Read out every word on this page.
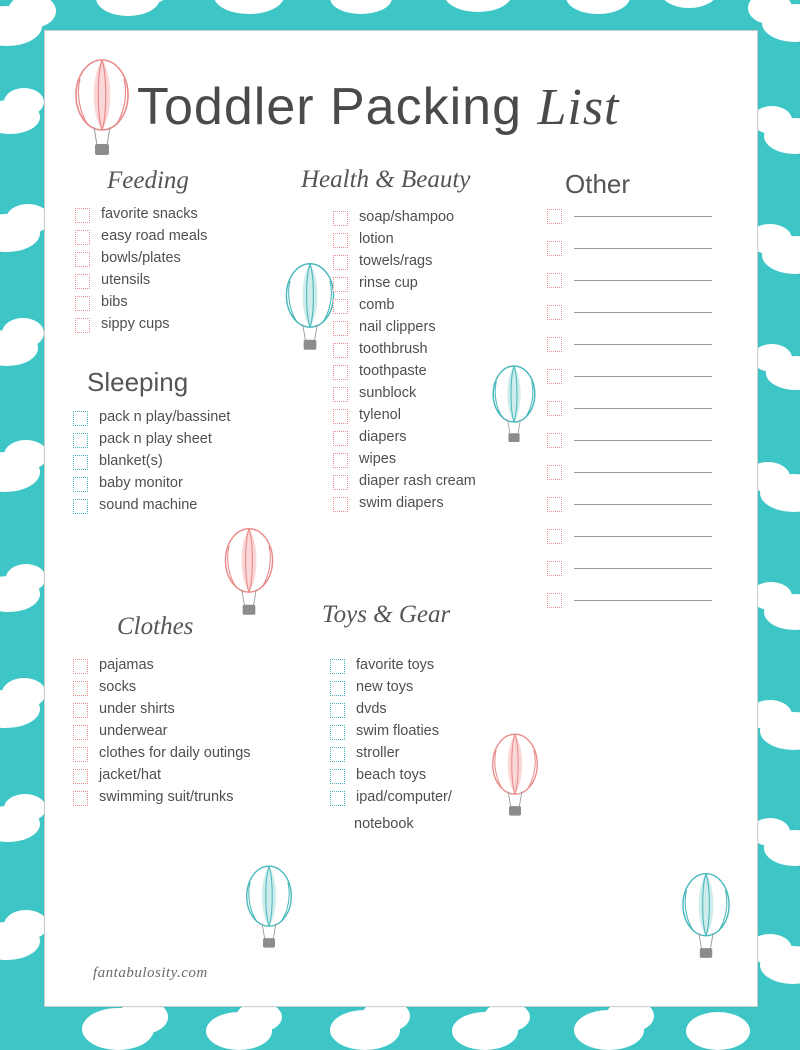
Toddler Packing List
Feeding
favorite snacks
easy road meals
bowls/plates
utensils
bibs
sippy cups
Sleeping
pack n play/bassinet
pack n play sheet
blanket(s)
baby monitor
sound machine
Clothes
pajamas
socks
under shirts
underwear
clothes for daily outings
jacket/hat
swimming suit/trunks
Health & Beauty
soap/shampoo
lotion
towels/rags
rinse cup
comb
nail clippers
toothbrush
toothpaste
sunblock
tylenol
diapers
wipes
diaper rash cream
swim diapers
Toys & Gear
favorite toys
new toys
dvds
swim floaties
stroller
beach toys
ipad/computer/
notebook
Other
fantabulosity.com
